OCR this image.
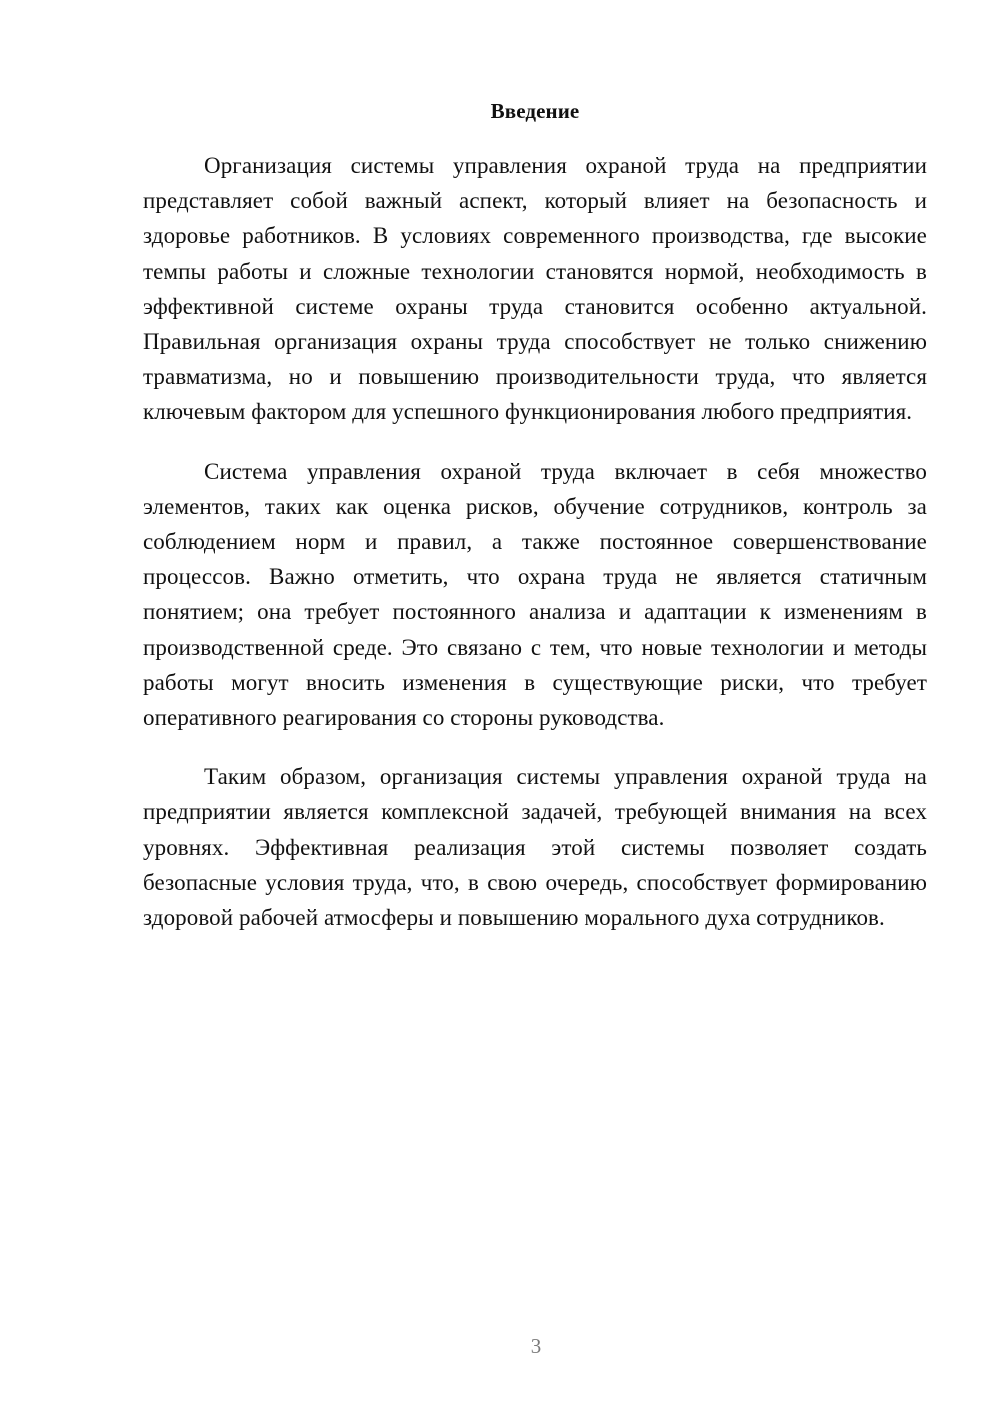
Введение

Организация системы управления охраной труда на предприятии представляет собой важный аспект, который влияет на безопасность и здоровье работников. В условиях современного производства, где высокие темпы работы и сложные технологии становятся нормой, необходимость в эффективной системе охраны труда становится особенно актуальной. Правильная организация охраны труда способствует не только снижению травматизма, но и повышению производительности труда, что является ключевым фактором для успешного функционирования любого предприятия.

Система управления охраной труда включает в себя множество элементов, таких как оценка рисков, обучение сотрудников, контроль за соблюдением норм и правил, а также постоянное совершенствование процессов. Важно отметить, что охрана труда не является статичным понятием; она требует постоянного анализа и адаптации к изменениям в производственной среде. Это связано с тем, что новые технологии и методы работы могут вносить изменения в существующие риски, что требует оперативного реагирования со стороны руководства.

Таким образом, организация системы управления охраной труда на предприятии является комплексной задачей, требующей внимания на всех уровнях. Эффективная реализация этой системы позволяет создать безопасные условия труда, что, в свою очередь, способствует формированию здоровой рабочей атмосферы и повышению морального духа сотрудников.

3
